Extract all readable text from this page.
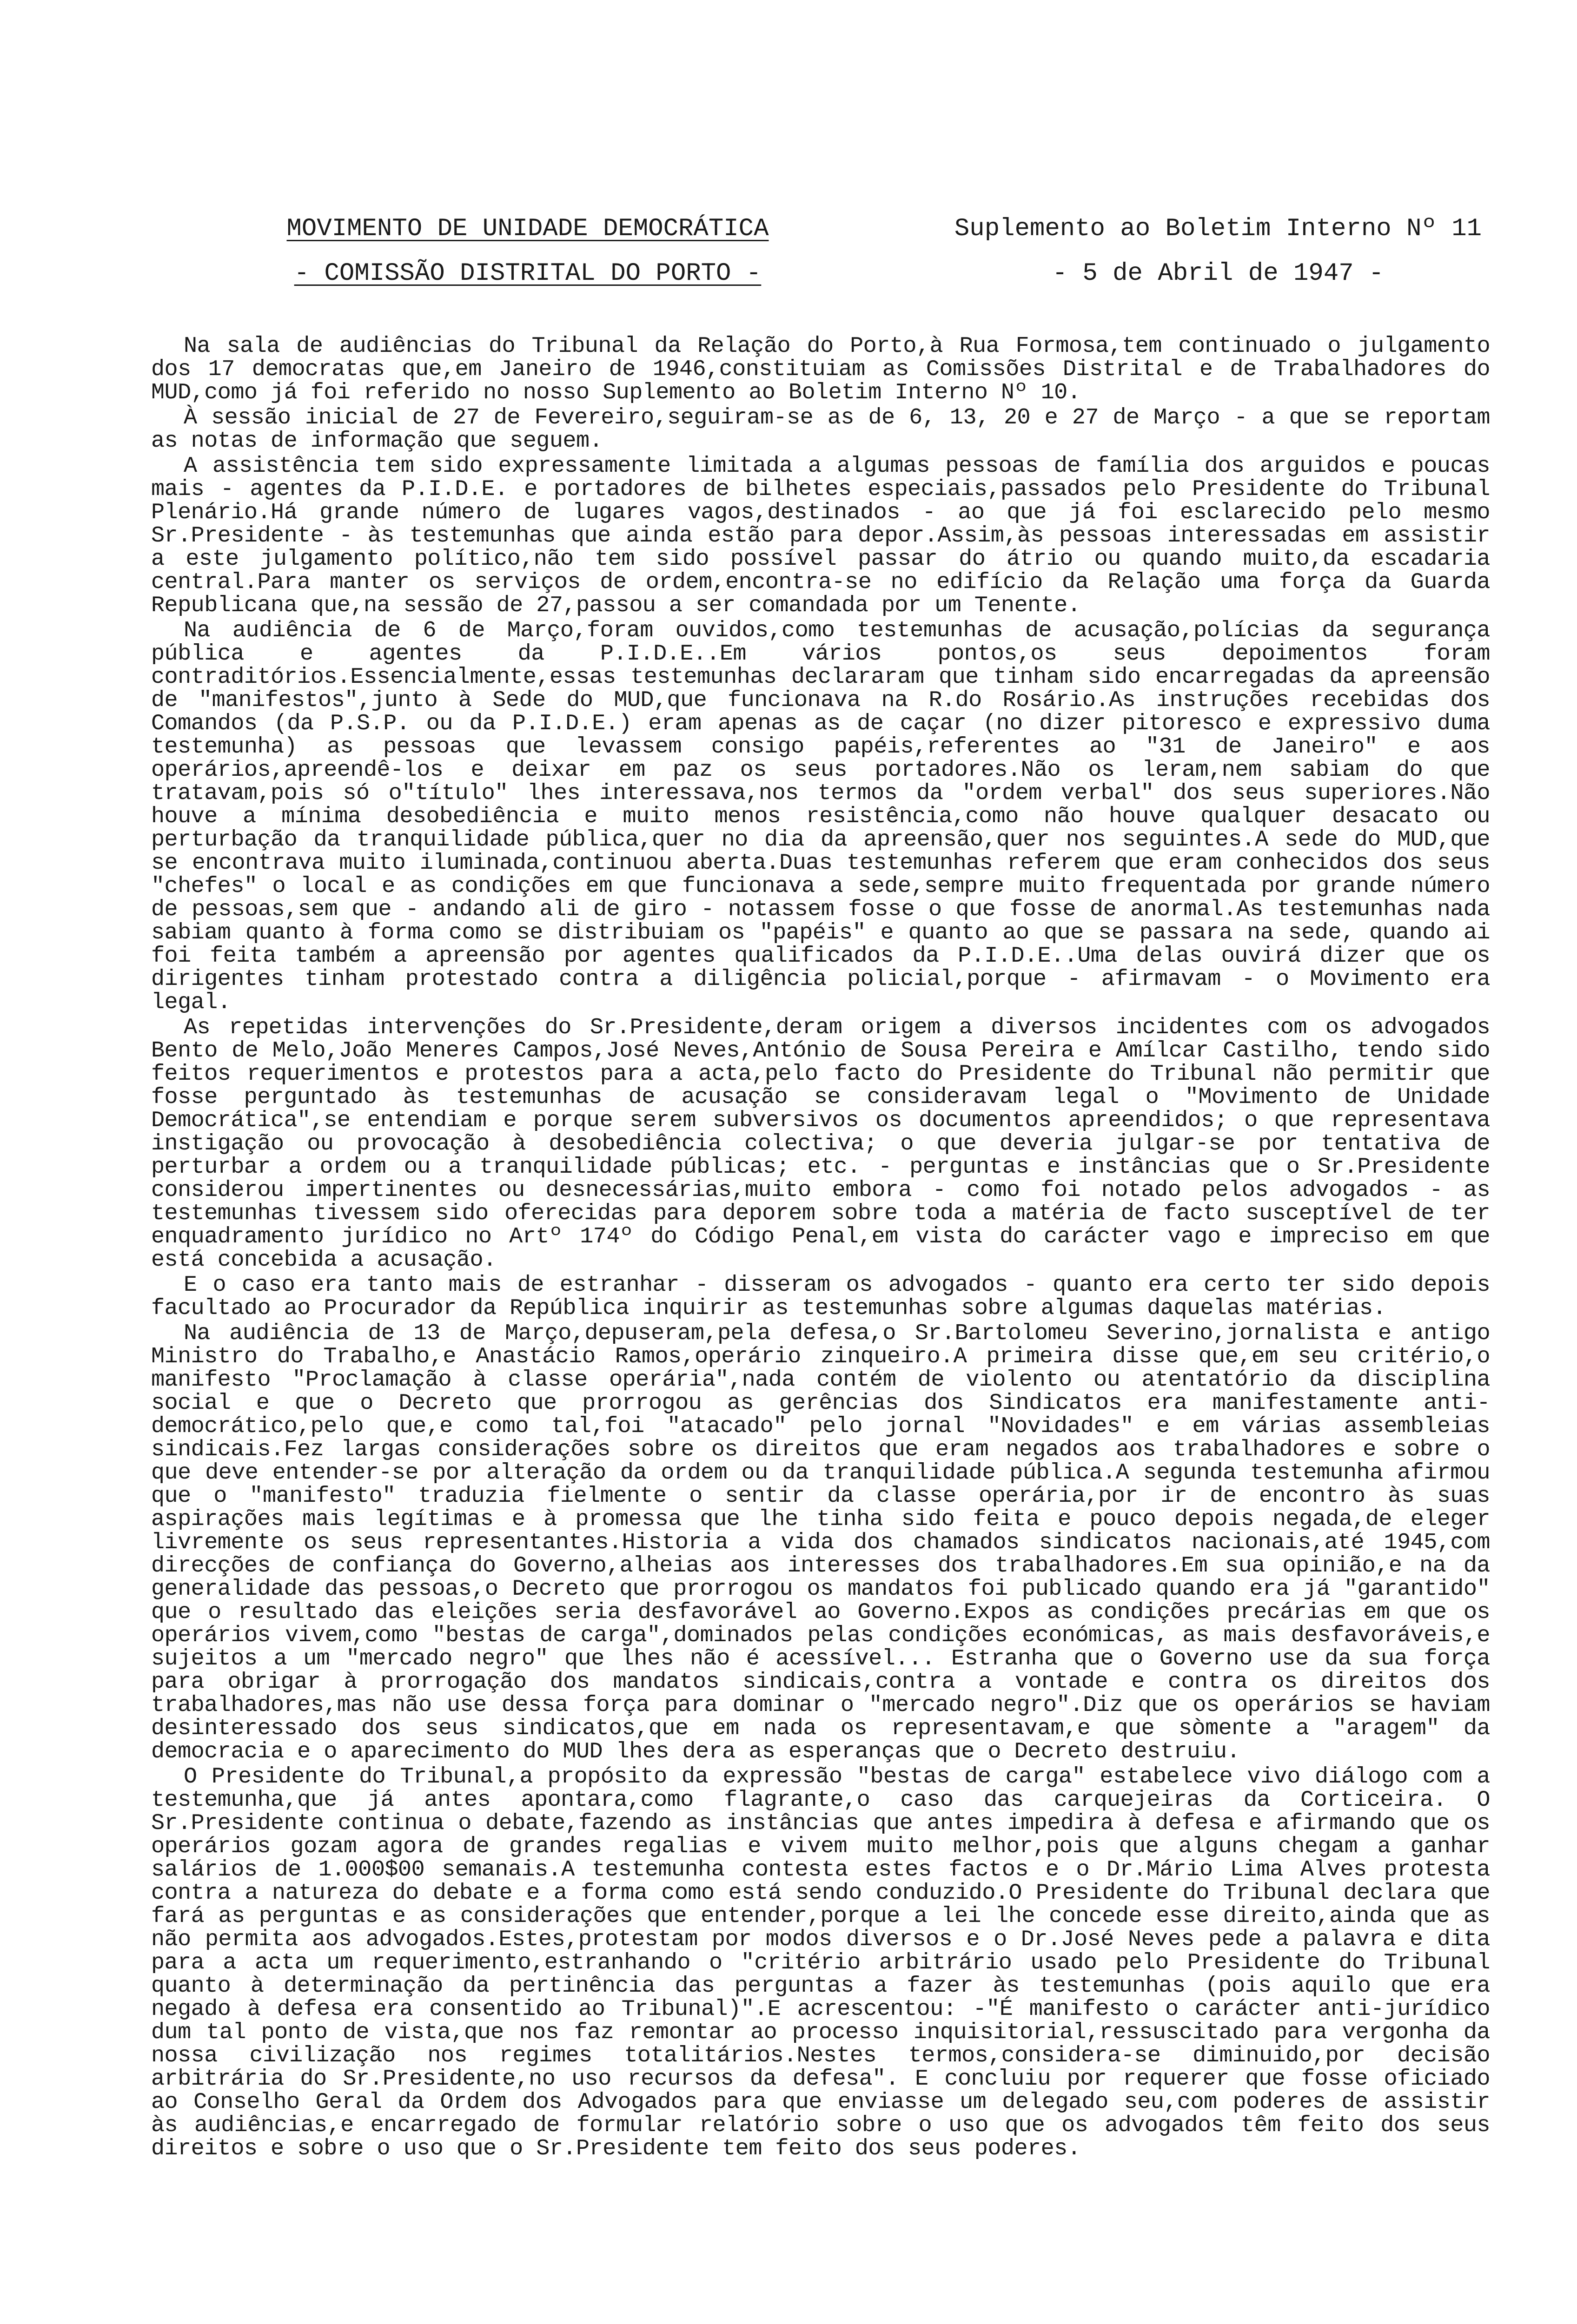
MOVIMENTO DE UNIDADE DEMOCRÁTICA
- COMISSÃO DISTRITAL DO PORTO -
Suplemento ao Boletim Interno Nº 11
- 5 de Abril de 1947 -

Na sala de audiências do Tribunal da Relação do Porto,à Rua Formosa,tem continuado o julgamento dos 17 democratas que,em Janeiro de 1946,constituiam as Comissões Distrital e de Trabalhadores do MUD,como já foi referido no nosso Suplemento ao Boletim Interno Nº 10.

À sessão inicial de 27 de Fevereiro,seguiram-se as de 6, 13, 20 e 27 de Março - a que se reportam as notas de informação que seguem.

A assistência tem sido expressamente limitada a algumas pessoas de família dos arguidos e poucas mais - agentes da P.I.D.E. e portadores de bilhetes especiais,passados pelo Presidente do Tribunal Plenário.Há grande número de lugares vagos,destinados - ao que já foi esclarecido pelo mesmo Sr.Presidente - às testemunhas que ainda estão para depor.Assim,às pessoas interessadas em assistir a este julgamento político,não tem sido possível passar do átrio ou quando muito,da escadaria central.Para manter os serviços de ordem,encontra-se no edifício da Relação uma força da Guarda Republicana que,na sessão de 27,passou a ser comandada por um Tenente.

Na audiência de 6 de Março,foram ouvidos,como testemunhas de acusação,polícias da segurança pública e agentes da P.I.D.E..Em vários pontos,os seus depoimentos foram contraditórios.Essencialmente,essas testemunhas declararam que tinham sido encarregadas da apreensão de "manifestos",junto à Sede do MUD,que funcionava na R.do Rosário.As instruções recebidas dos Comandos (da P.S.P. ou da P.I.D.E.) eram apenas as de caçar (no dizer pitoresco e expressivo duma testemunha) as pessoas que levassem consigo papéis,referentes ao "31 de Janeiro" e aos operários,apreendê-los e deixar em paz os seus portadores.Não os leram,nem sabiam do que tratavam,pois só o"título" lhes interessava,nos termos da "ordem verbal" dos seus superiores.Não houve a mínima desobediência e muito menos resistência,como não houve qualquer desacato ou perturbação da tranquilidade pública,quer no dia da apreensão,quer nos seguintes.A sede do MUD,que se encontrava muito iluminada,continuou aberta.Duas testemunhas referem que eram conhecidos dos seus "chefes" o local e as condições em que funcionava a sede,sempre muito frequentada por grande número de pessoas,sem que - andando ali de giro - notassem fosse o que fosse de anormal.As testemunhas nada sabiam quanto à forma como se distribuiam os "papéis" e quanto ao que se passara na sede, quando ai foi feita também a apreensão por agentes qualificados da P.I.D.E..Uma delas ouvirá dizer que os dirigentes tinham protestado contra a diligência policial,porque - afirmavam - o Movimento era legal.

As repetidas intervenções do Sr.Presidente,deram origem a diversos incidentes com os advogados Bento de Melo,João Meneres Campos,José Neves,António de Sousa Pereira e Amílcar Castilho, tendo sido feitos requerimentos e protestos para a acta,pelo facto do Presidente do Tribunal não permitir que fosse perguntado às testemunhas de acusação se consideravam legal o "Movimento de Unidade Democrática",se entendiam e porque serem subversivos os documentos apreendidos; o que representava instigação ou provocação à desobediência colectiva; o que deveria julgar-se por tentativa de perturbar a ordem ou a tranquilidade públicas; etc. - perguntas e instâncias que o Sr.Presidente considerou impertinentes ou desnecessárias,muito embora - como foi notado pelos advogados - as testemunhas tivessem sido oferecidas para deporem sobre toda a matéria de facto susceptível de ter enquadramento jurídico no Artº 174º do Código Penal,em vista do carácter vago e impreciso em que está concebida a acusação.

E o caso era tanto mais de estranhar - disseram os advogados - quanto era certo ter sido depois facultado ao Procurador da República inquirir as testemunhas sobre algumas daquelas matérias.

Na audiência de 13 de Março,depuseram,pela defesa,o Sr.Bartolomeu Severino,jornalista e antigo Ministro do Trabalho,e Anastácio Ramos,operário zinqueiro.A primeira disse que,em seu critério,o manifesto "Proclamação à classe operária",nada contém de violento ou atentatório da disciplina social e que o Decreto que prorrogou as gerências dos Sindicatos era manifestamente anti-democrático,pelo que,e como tal,foi "atacado" pelo jornal "Novidades" e em várias assembleias sindicais.Fez largas considerações sobre os direitos que eram negados aos trabalhadores e sobre o que deve entender-se por alteração da ordem ou da tranquilidade pública.A segunda testemunha afirmou que o "manifesto" traduzia fielmente o sentir da classe operária,por ir de encontro às suas aspirações mais legítimas e à promessa que lhe tinha sido feita e pouco depois negada,de eleger livremente os seus representantes.Historia a vida dos chamados sindicatos nacionais,até 1945,com direcções de confiança do Governo,alheias aos interesses dos trabalhadores.Em sua opinião,e na da generalidade das pessoas,o Decreto que prorrogou os mandatos foi publicado quando era já "garantido" que o resultado das eleições seria desfavorável ao Governo.Expos as condições precárias em que os operários vivem,como "bestas de carga",dominados pelas condições económicas, as mais desfavoráveis,e sujeitos a um "mercado negro" que lhes não é acessível... Estranha que o Governo use da sua força para obrigar à prorrogação dos mandatos sindicais,contra a vontade e contra os direitos dos trabalhadores,mas não use dessa força para dominar o "mercado negro".Diz que os operários se haviam desinteressado dos seus sindicatos,que em nada os representavam,e que sòmente a "aragem" da democracia e o aparecimento do MUD lhes dera as esperanças que o Decreto destruiu.

O Presidente do Tribunal,a propósito da expressão "bestas de carga" estabelece vivo diálogo com a testemunha,que já antes apontara,como flagrante,o caso das carquejeiras da Corticeira. O Sr.Presidente continua o debate,fazendo as instâncias que antes impedira à defesa e afirmando que os operários gozam agora de grandes regalias e vivem muito melhor,pois que alguns chegam a ganhar salários de 1.000$00 semanais.A testemunha contesta estes factos e o Dr.Mário Lima Alves protesta contra a natureza do debate e a forma como está sendo conduzido.O Presidente do Tribunal declara que fará as perguntas e as considerações que entender,porque a lei lhe concede esse direito,ainda que as não permita aos advogados.Estes,protestam por modos diversos e o Dr.José Neves pede a palavra e dita para a acta um requerimento,estranhando o "critério arbitrário usado pelo Presidente do Tribunal quanto à determinação da pertinência das perguntas a fazer às testemunhas (pois aquilo que era negado à defesa era consentido ao Tribunal)".E acrescentou: -"É manifesto o carácter anti-jurídico dum tal ponto de vista,que nos faz remontar ao processo inquisitorial,ressuscitado para vergonha da nossa civilização nos regimes totalitários.Nestes termos,considera-se diminuido,por decisão arbitrária do Sr.Presidente,no uso recursos da defesa". E concluiu por requerer que fosse oficiado ao Conselho Geral da Ordem dos Advogados para que enviasse um delegado seu,com poderes de assistir às audiências,e encarregado de formular relatório sobre o uso que os advogados têm feito dos seus direitos e sobre o uso que o Sr.Presidente tem feito dos seus poderes.
